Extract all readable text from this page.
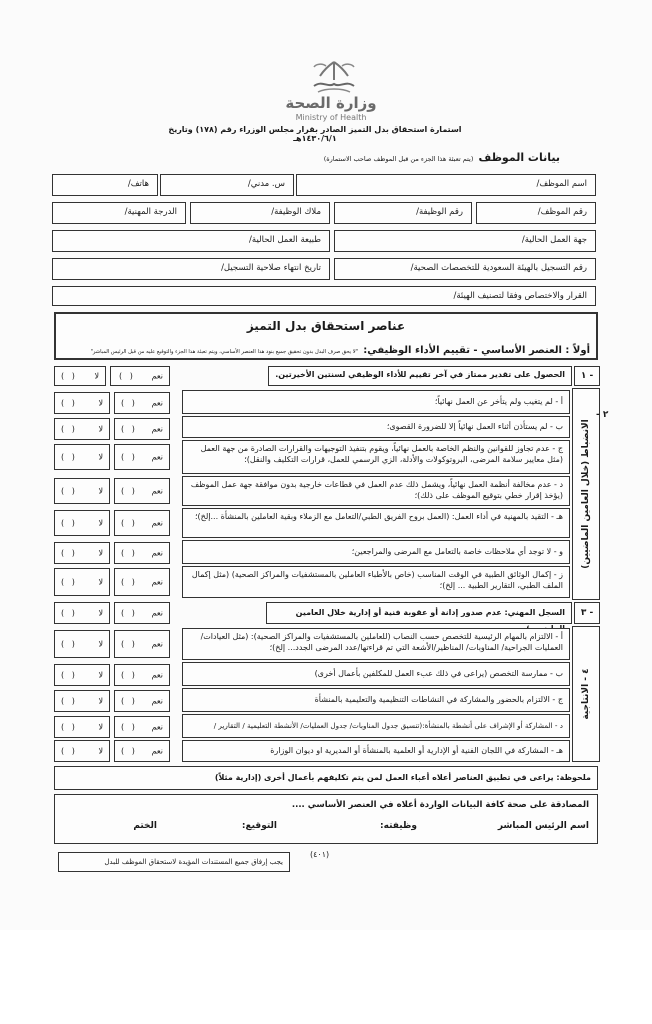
وزارة الصحة
Ministry of Health
استمارة استحقاق بدل التميز الصادر بقرار مجلس الوزراء رقم (١٧٨) وتاريخ ١٤٣٠/٦/١هـ
بيانات الموظف (يتم تعبئة هذا الجزء من قبل الموظف صاحب الاستمارة)
اسم الموظف/
س. مدني/
هاتف/
رقم الموظف/
رقم الوظيفة/
ملاك الوظيفة/
الدرجة المهنية/
جهة العمل الحالية/
طبيعة العمل الحالية/
رقم التسجيل بالهيئة السعودية للتخصصات الصحية/
تاريخ انتهاء صلاحية التسجيل/
القرار والاختصاص وفقا لتصنيف الهيئة/
عناصر استحقاق بدل التميز
أولاً : العنصر الأساسي - تقييم الأداء الوظيفي: "لا يحق صرف البدل بدون تحقيق جميع بنود هذا العنصر الأساسي، ويتم تعبئة هذا الجزء والتوقيع عليه من قبل الرئيس المباشر"
١ -
الحصول على تقدير ممتاز في آخر تقييم للأداء الوظيفي لسنتين الأخيرتين.
نعم
(   )
لا
(   )
الانضباط (خلال العامين الماضيين)
٢ -
أ - لم يتغيب ولم يتأخر عن العمل نهائياً؛
نعم
(   )
لا
(   )
ب - لم يستأذن أثناء العمل نهائياً إلا للضرورة القصوى؛
نعم
(   )
لا
(   )
ج - عدم تجاوز للقوانين والنظم الخاصة بالعمل نهائياً، ويقوم بتنفيذ التوجيهات والقرارات الصادرة من جهة العمل (مثل معايير سلامة المرضى، البروتوكولات والأدلة، الزي الرسمي للعمل، قرارات التكليف والنقل)؛
نعم
(   )
لا
(   )
د - عدم مخالفة أنظمة العمل نهائياً، ويشمل ذلك عدم العمل في قطاعات خارجية بدون موافقة جهة عمل الموظف (يؤخذ إقرار خطي بتوقيع الموظف على ذلك)؛
نعم
(   )
لا
(   )
هـ - التقيد بالمهنية في أداء العمل: (العمل بروح الفريق الطبي/التعامل مع الزملاء وبقية العاملين بالمنشأة ...إلخ)؛
نعم
(   )
لا
(   )
و - لا توجد أي ملاحظات خاصة بالتعامل مع المرضى والمراجعين؛
نعم
(   )
لا
(   )
ز - إكمال الوثائق الطبية في الوقت المناسب (خاص بالأطباء العاملين بالمستشفيات والمراكز الصحية) (مثل إكمال الملف الطبي، التقارير الطبية ... إلخ)؛
نعم
(   )
لا
(   )
٣ -
السجل المهني: عدم صدور إدانة أو عقوبة فنية أو إدارية خلال العامين
نعم
(   )
لا
(   )
٤ - الانتاجية
أ - الالتزام بالمهام الرئيسية للتخصص حسب النصاب (للعاملين بالمستشفيات والمراكز الصحية): (مثل العيادات/العمليات الجراحية/ المناوبات/ المناظير/الأشعة التي تم قراءتها/عدد المرضى الجدد... إلخ)؛
نعم
(   )
لا
(   )
ب - ممارسة التخصص (يراعى في ذلك عبء العمل للمكلفين بأعمال أخرى)
نعم
(   )
لا
(   )
ج - الالتزام بالحضور والمشاركة في النشاطات التنظيمية والتعليمية بالمنشأة
نعم
(   )
لا
(   )
د - المشاركة أو الإشراف على أنشطة بالمنشأة:(تنسيق جدول المناوبات/ جدول العمليات/ الأنشطة التعليمية / التقارير /
نعم
(   )
لا
(   )
هـ - المشاركة في اللجان الفنية أو الإدارية أو العلمية بالمنشأة أو المديرية او ديوان الوزارة
نعم
(   )
لا
(   )
ملحوظة: يراعى في تطبيق العناصر أعلاه أعباء العمل لمن يتم تكليفهم بأعمال أخرى (إدارية مثلاً)
المصادقة على صحة كافة البيانات الواردة أعلاه في العنصر الأساسي ....
اسم الرئيس المباشر
وظيفته:
التوقيع:
الختم
(٤٠١)
يجب إرفاق جميع المستندات المؤيدة لاستحقاق الموظف للبدل
